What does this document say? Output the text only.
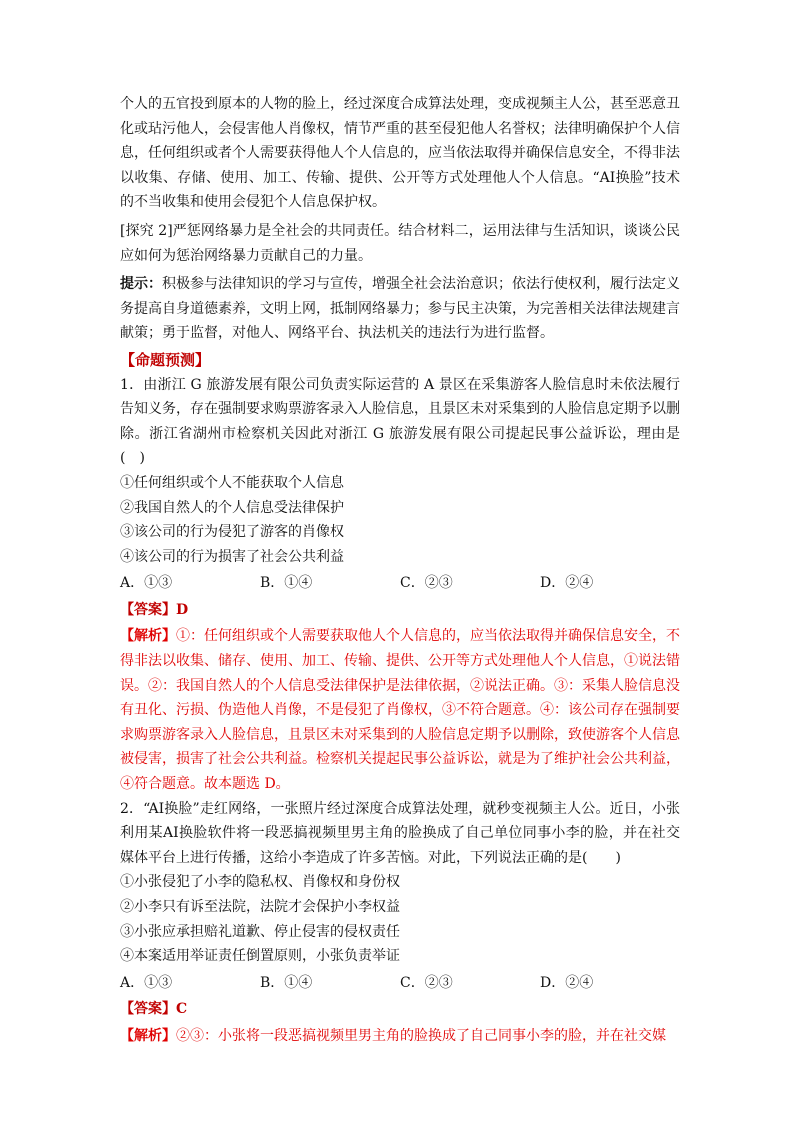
个人的五官投到原本的人物的脸上，经过深度合成算法处理，变成视频主人公，甚至恶意丑化或玷污他人，会侵害他人肖像权，情节严重的甚至侵犯他人名誉权；法律明确保护个人信息，任何组织或者个人需要获得他人个人信息的，应当依法取得并确保信息安全，不得非法以收集、存储、使用、加工、传输、提供、公开等方式处理他人个人信息。“AI换脸”技术的不当收集和使用会侵犯个人信息保护权。

[探究 2]严惩网络暴力是全社会的共同责任。结合材料二，运用法律与生活知识，谈谈公民应如何为惩治网络暴力贡献自己的力量。

提示：积极参与法律知识的学习与宣传，增强全社会法治意识；依法行使权利，履行法定义务提高自身道德素养，文明上网，抵制网络暴力；参与民主决策，为完善相关法律法规建言献策；勇于监督，对他人、网络平台、执法机关的违法行为进行监督。

【命题预测】

1．由浙江 G 旅游发展有限公司负责实际运营的 A 景区在采集游客人脸信息时未依法履行告知义务，存在强制要求购票游客录入人脸信息，且景区未对采集到的人脸信息定期予以删除。浙江省湖州市检察机关因此对浙江 G 旅游发展有限公司提起民事公益诉讼，理由是(　)

①任何组织或个人不能获取个人信息

②我国自然人的个人信息受法律保护

③该公司的行为侵犯了游客的肖像权

④该公司的行为损害了社会公共利益

A．①③	B．①④	C．②③	D．②④

【答案】D

【解析】①：任何组织或个人需要获取他人个人信息的，应当依法取得并确保信息安全，不得非法以收集、储存、使用、加工、传输、提供、公开等方式处理他人个人信息，①说法错误。②：我国自然人的个人信息受法律保护是法律依据，②说法正确。③：采集人脸信息没有丑化、污损、伪造他人肖像，不是侵犯了肖像权，③不符合题意。④：该公司存在强制要求购票游客录入人脸信息，且景区未对采集到的人脸信息定期予以删除，致使游客个人信息被侵害，损害了社会公共利益。检察机关提起民事公益诉讼，就是为了维护社会公共利益，④符合题意。故本题选 D。

2．“AI换脸”走红网络，一张照片经过深度合成算法处理，就秒变视频主人公。近日，小张利用某AI换脸软件将一段恶搞视频里男主角的脸换成了自己单位同事小李的脸，并在社交媒体平台上进行传播，这给小李造成了许多苦恼。对此，下列说法正确的是(　　)

①小张侵犯了小李的隐私权、肖像权和身份权

②小李只有诉至法院，法院才会保护小李权益

③小张应承担赔礼道歉、停止侵害的侵权责任

④本案适用举证责任倒置原则，小张负责举证

A．①③	B．①④	C．②③	D．②④

【答案】C

【解析】②③：小张将一段恶搞视频里男主角的脸换成了自己同事小李的脸，并在社交媒
